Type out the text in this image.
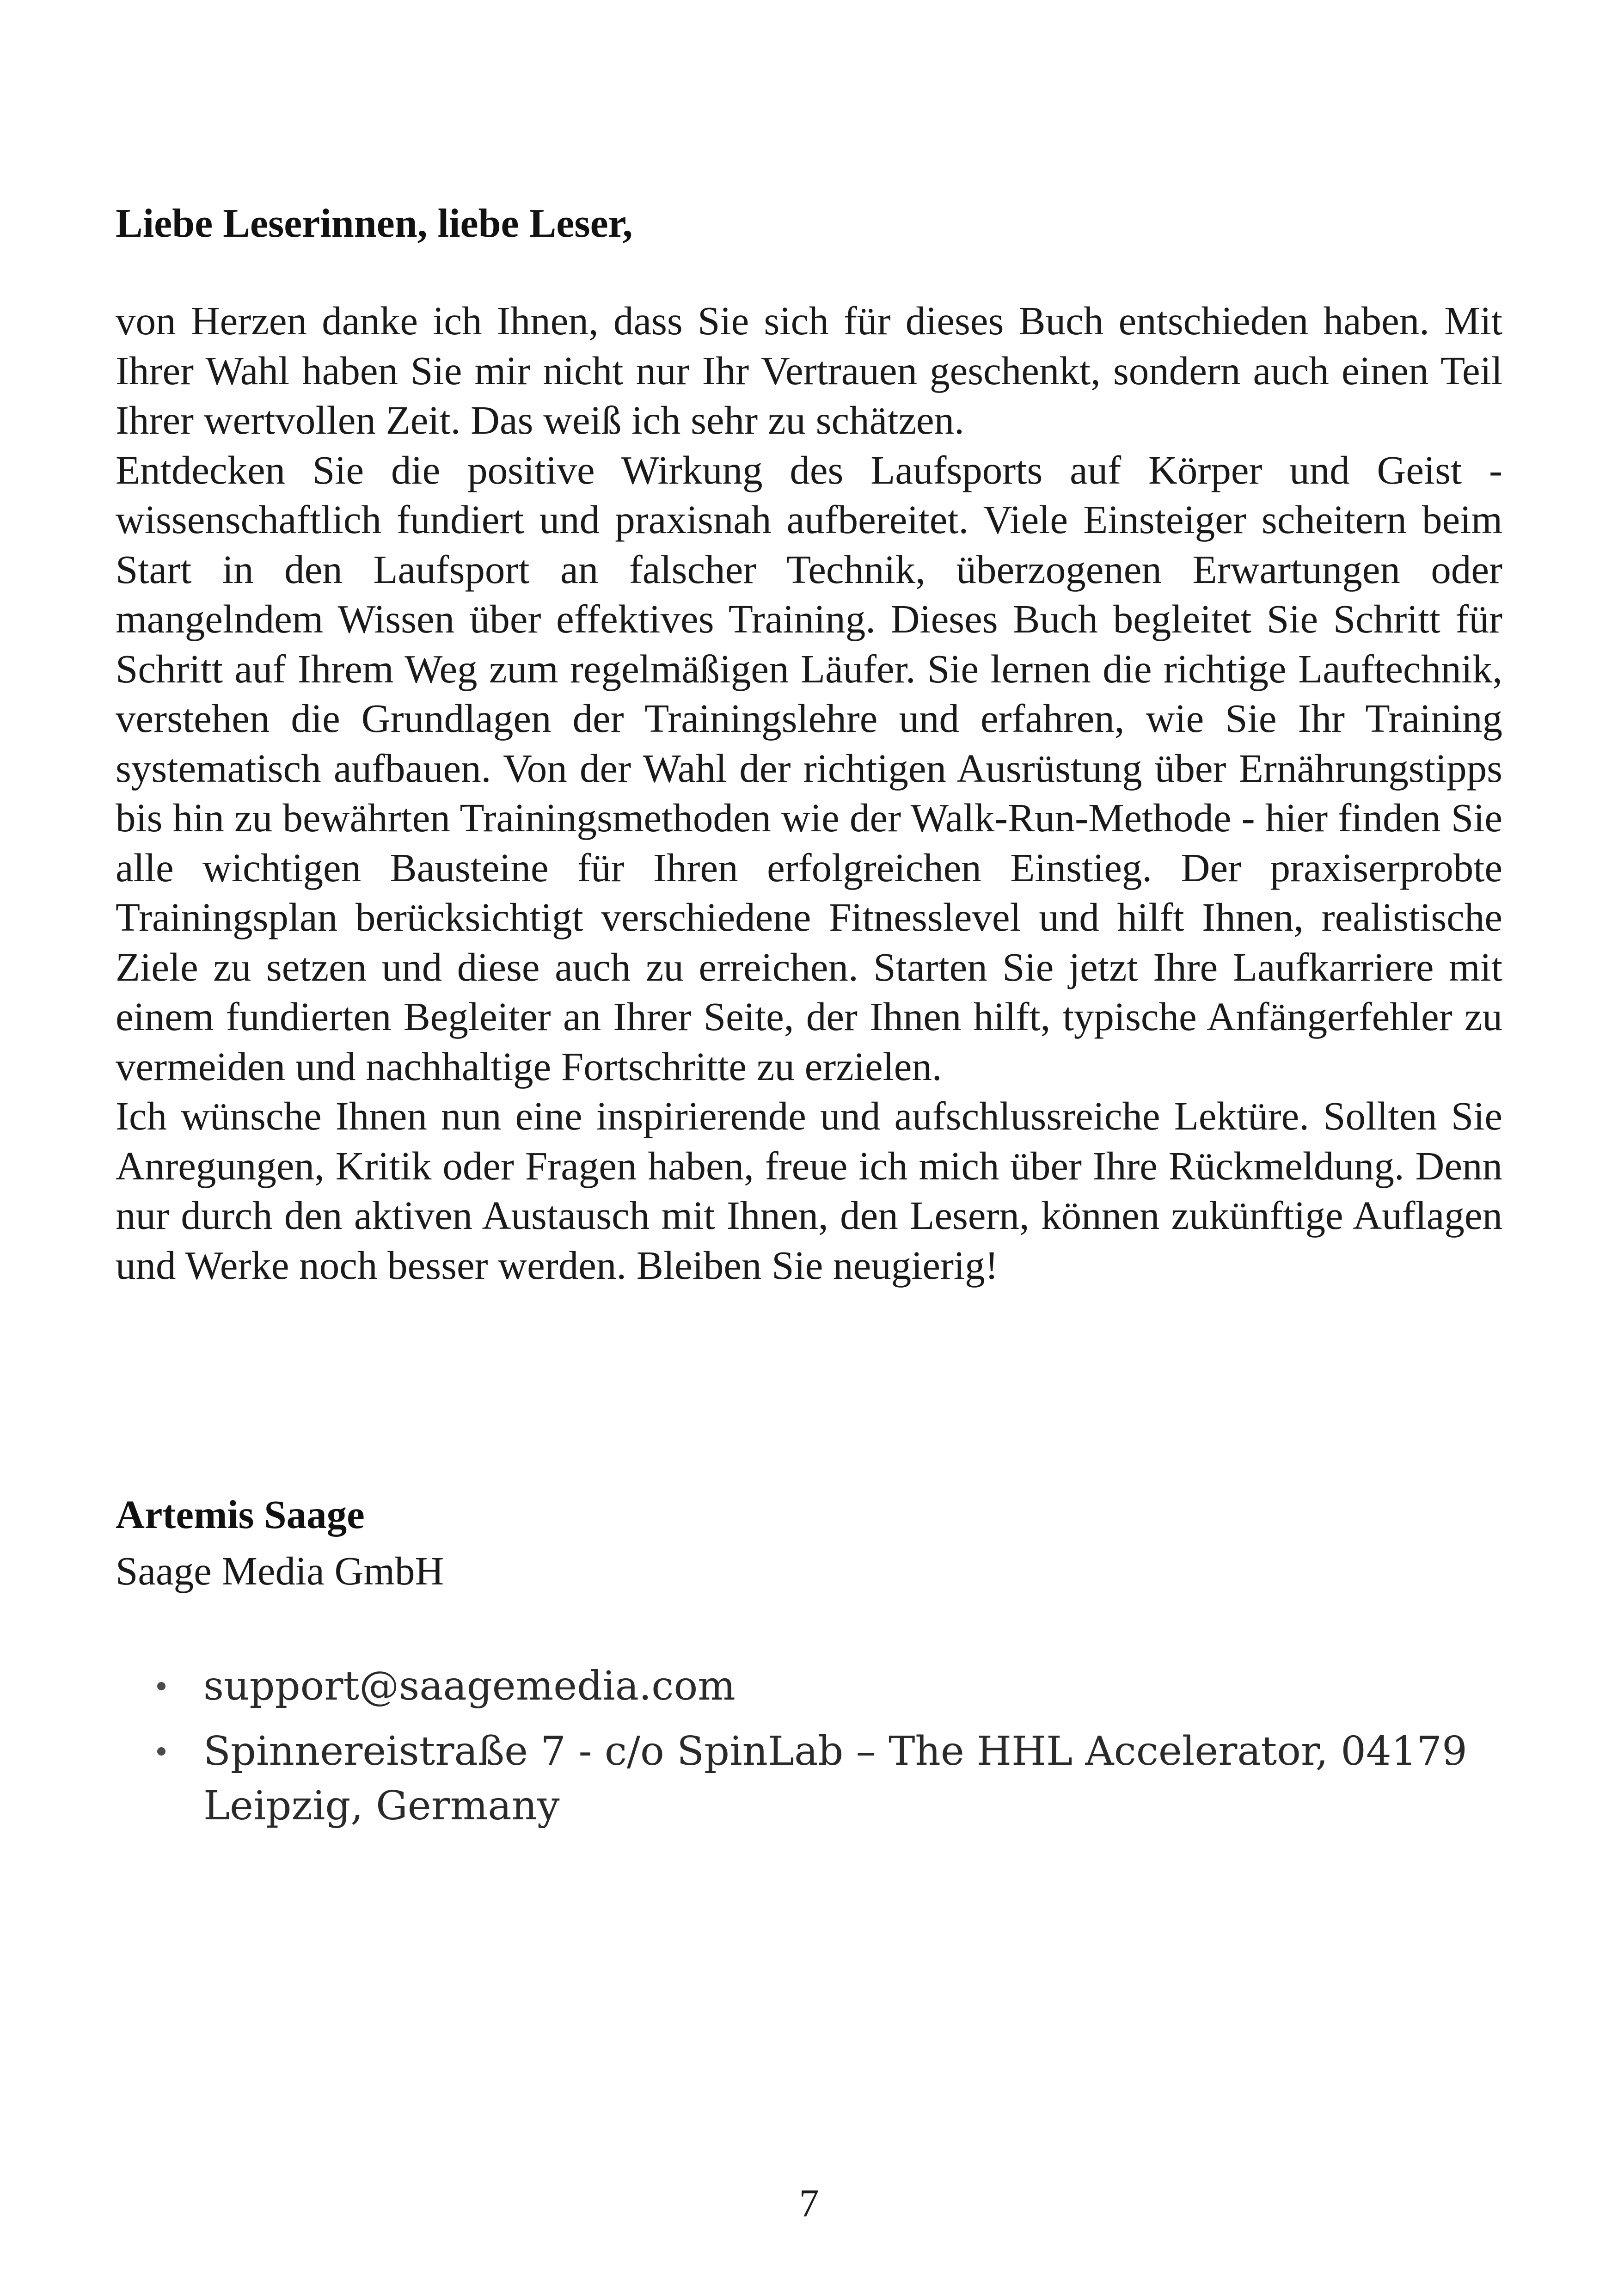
Liebe Leserinnen, liebe Leser,

von Herzen danke ich Ihnen, dass Sie sich für dieses Buch entschieden haben. Mit Ihrer Wahl haben Sie mir nicht nur Ihr Vertrauen geschenkt, sondern auch einen Teil Ihrer wertvollen Zeit. Das weiß ich sehr zu schätzen.

Entdecken Sie die positive Wirkung des Laufsports auf Körper und Geist - wissenschaftlich fundiert und praxisnah aufbereitet. Viele Einsteiger scheitern beim Start in den Laufsport an falscher Technik, überzogenen Erwartungen oder mangelndem Wissen über effektives Training. Dieses Buch begleitet Sie Schritt für Schritt auf Ihrem Weg zum regelmäßigen Läufer. Sie lernen die richtige Lauftechnik, verstehen die Grundlagen der Trainingslehre und erfahren, wie Sie Ihr Training systematisch aufbauen. Von der Wahl der richtigen Ausrüstung über Ernährungstipps bis hin zu bewährten Trainingsmethoden wie der Walk-Run-Methode - hier finden Sie alle wichtigen Bausteine für Ihren erfolgreichen Einstieg. Der praxiserprobte Trainingsplan berücksichtigt verschiedene Fitnesslevel und hilft Ihnen, realistische Ziele zu setzen und diese auch zu erreichen. Starten Sie jetzt Ihre Laufkarriere mit einem fundierten Begleiter an Ihrer Seite, der Ihnen hilft, typische Anfängerfehler zu vermeiden und nachhaltige Fortschritte zu erzielen.

Ich wünsche Ihnen nun eine inspirierende und aufschlussreiche Lektüre. Sollten Sie Anregungen, Kritik oder Fragen haben, freue ich mich über Ihre Rückmeldung. Denn nur durch den aktiven Austausch mit Ihnen, den Lesern, können zukünftige Auflagen und Werke noch besser werden. Bleiben Sie neugierig!

Artemis Saage
Saage Media GmbH
support@saagemedia.com
Spinnereistraße 7 - c/o SpinLab – The HHL Accelerator, 04179
Leipzig, Germany
7
